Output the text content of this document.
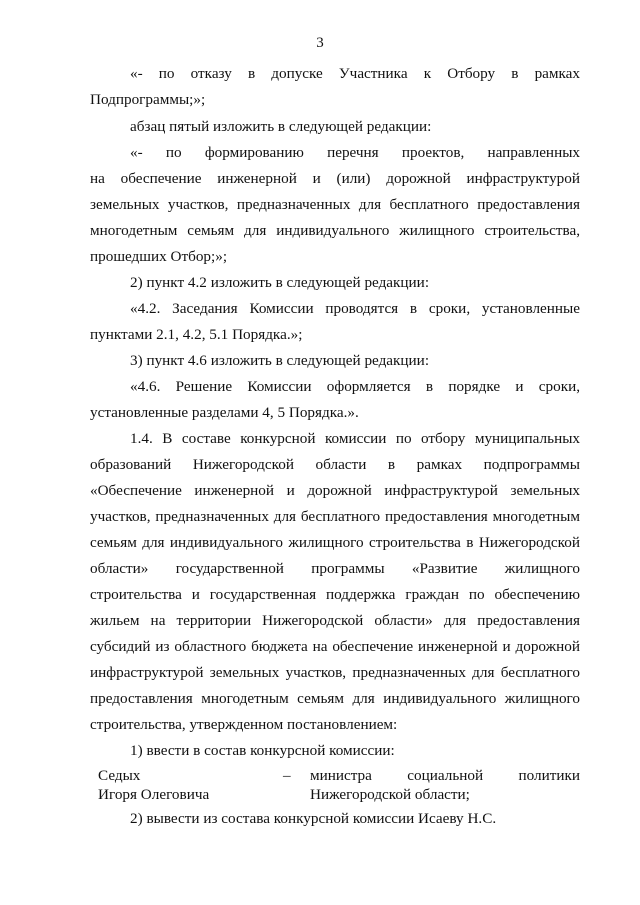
3
«- по отказу в допуске Участника к Отбору в рамках
Подпрограммы;»;
абзац пятый изложить в следующей редакции:
«- по формированию перечня проектов, направленных
на обеспечение инженерной и (или) дорожной инфраструктурой
земельных участков, предназначенных для бесплатного предоставления
многодетным семьям для индивидуального жилищного строительства,
прошедших Отбор;»;
2) пункт 4.2 изложить в следующей редакции:
«4.2. Заседания Комиссии проводятся в сроки, установленные
пунктами 2.1, 4.2, 5.1 Порядка.»;
3) пункт 4.6 изложить в следующей редакции:
«4.6. Решение Комиссии оформляется в порядке и сроки,
установленные разделами 4, 5 Порядка.».
1.4. В составе конкурсной комиссии по отбору муниципальных
образований Нижегородской области в рамках подпрограммы
«Обеспечение инженерной и дорожной инфраструктурой земельных
участков, предназначенных для бесплатного предоставления многодетным
семьям для индивидуального жилищного строительства в Нижегородской
области» государственной программы «Развитие жилищного
строительства и государственная поддержка граждан по обеспечению
жильем на территории Нижегородской области» для предоставления
субсидий из областного бюджета на обеспечение инженерной и дорожной
инфраструктурой земельных участков, предназначенных для бесплатного
предоставления многодетным семьям для индивидуального жилищного
строительства, утвержденном постановлением:
1) ввести в состав конкурсной комиссии:
Седых
Игоря Олеговича
– министра социальной политики
Нижегородской области;
2) вывести из состава конкурсной комиссии Исаеву Н.С.
